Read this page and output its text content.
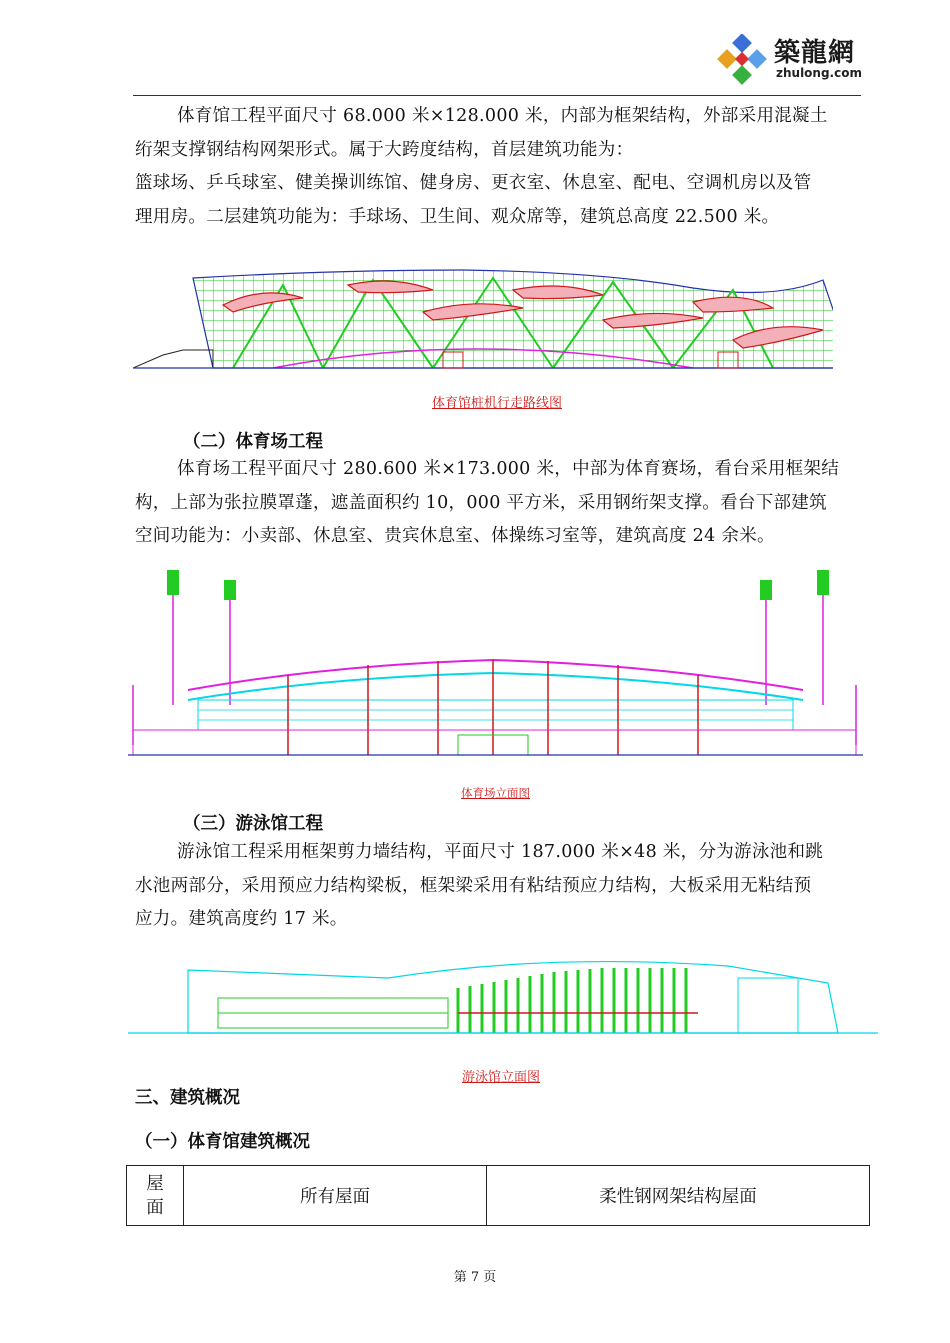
築龍網
zhulong.com

体育馆工程平面尺寸 68.000 米×128.000 米，内部为框架结构，外部采用混凝土

绗架支撑钢结构网架形式。属于大跨度结构，首层建筑功能为：

篮球场、乒乓球室、健美操训练馆、健身房、更衣室、休息室、配电、空调机房以及管

理用房。二层建筑功能为：手球场、卫生间、观众席等，建筑总高度 22.500 米。

体育馆桩机行走路线图
（二）体育场工程

体育场工程平面尺寸 280.600 米×173.000 米，中部为体育赛场，看台采用框架结

构，上部为张拉膜罩蓬，遮盖面积约 10，000 平方米，采用钢绗架支撑。看台下部建筑

空间功能为：小卖部、休息室、贵宾休息室、体操练习室等，建筑高度 24 余米。

体育场立面图
（三）游泳馆工程

游泳馆工程采用框架剪力墙结构，平面尺寸 187.000 米×48 米，分为游泳池和跳

水池两部分，采用预应力结构梁板，框架梁采用有粘结预应力结构，大板采用无粘结预

应力。建筑高度约 17 米。

游泳馆立面图
三、建筑概况
（一）体育馆建筑概况
屋面	所有屋面	柔性钢网架结构屋面
第 7 页
